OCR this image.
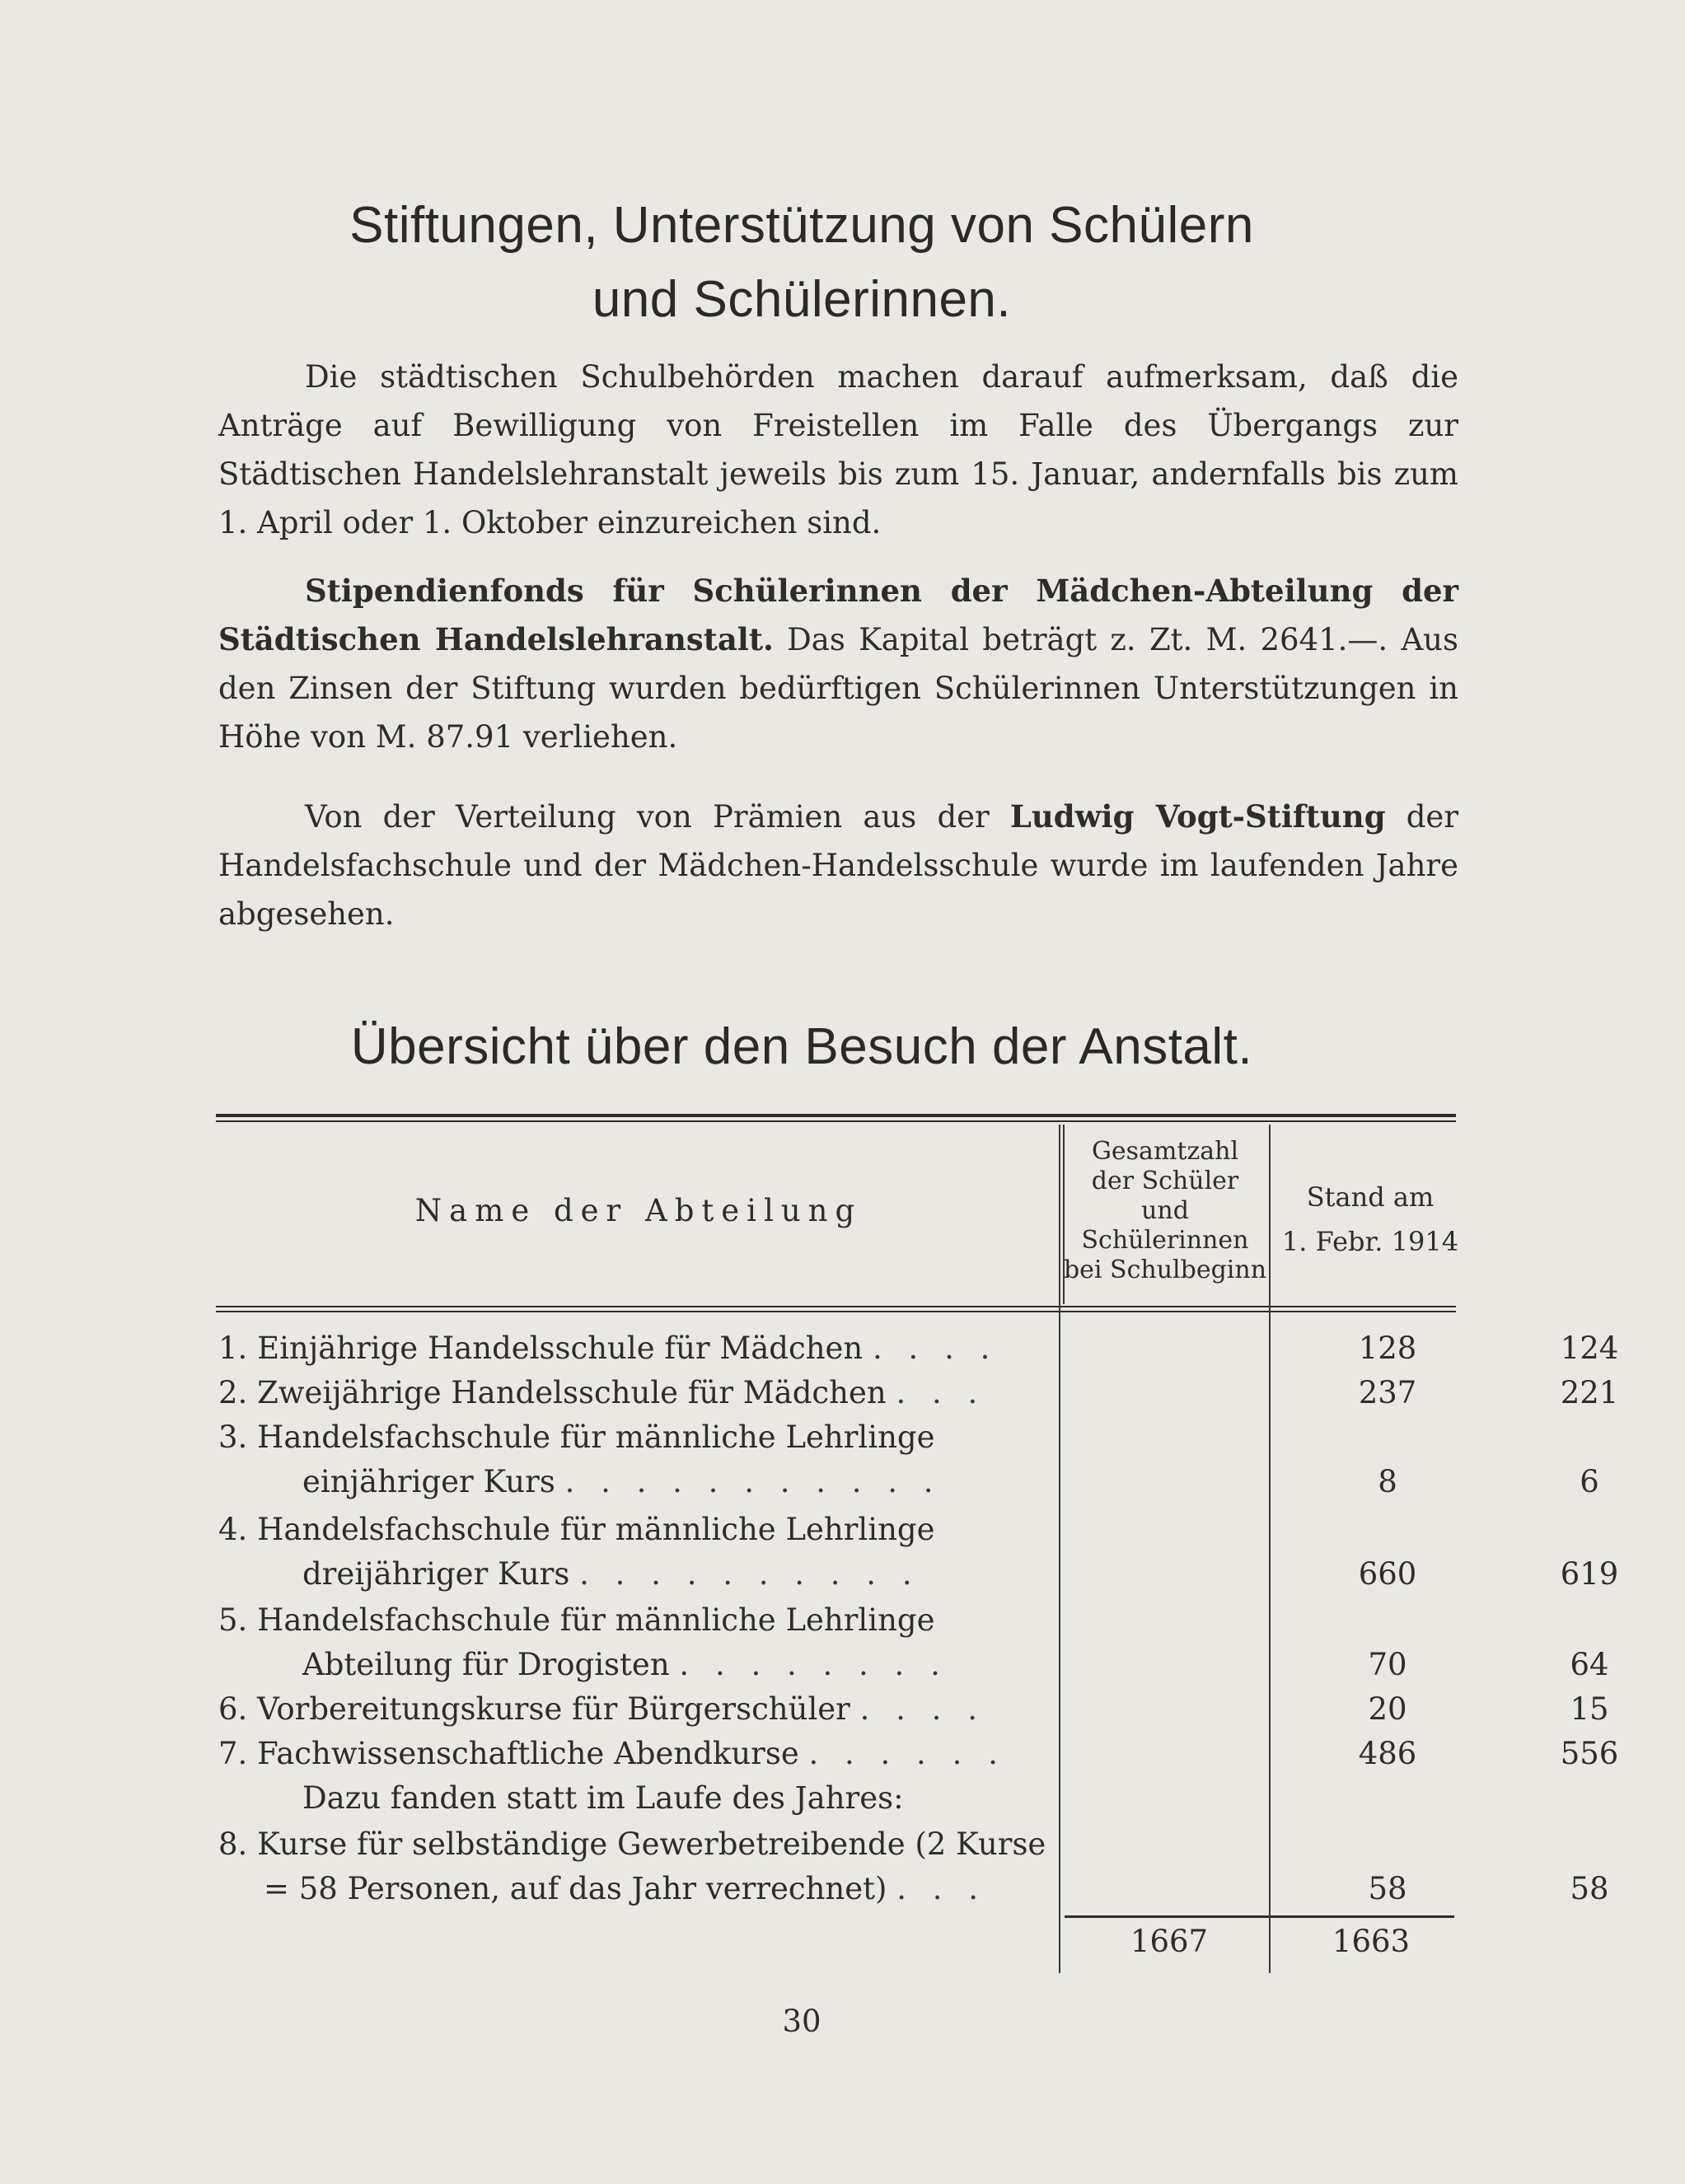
Stiftungen, Unterstützung von Schülern
und Schülerinnen.

Die städtischen Schulbehörden machen darauf aufmerksam, daß die Anträge auf Bewilligung von Freistellen im Falle des Übergangs zur Städtischen Handelslehranstalt jeweils bis zum 15. Januar, andernfalls bis zum 1. April oder 1. Oktober einzureichen sind.

Stipendienfonds für Schülerinnen der Mädchen-Abteilung der Städtischen Handelslehranstalt. Das Kapital beträgt z. Zt. M. 2641.—. Aus den Zinsen der Stiftung wurden bedürftigen Schülerinnen Unterstützungen in Höhe von M. 87.91 verliehen.

Von der Verteilung von Prämien aus der Ludwig Vogt-Stiftung der Handelsfachschule und der Mädchen-Handelsschule wurde im laufenden Jahre abgesehen.

Übersicht über den Besuch der Anstalt.
Name der Abteilung
Gesamtzahl
der Schüler
und
Schülerinnen
bei Schulbeginn
Stand am
1. Febr. 1914
1. Einjährige Handelsschule für Mädchen . . . .	128	124
2. Zweijährige Handelsschule für Mädchen . . .	237	221
3. Handelsfachschule für männliche Lehrlinge
einjähriger Kurs . . . . . . . . . . .	8	6
4. Handelsfachschule für männliche Lehrlinge
dreijähriger Kurs . . . . . . . . . .	660	619
5. Handelsfachschule für männliche Lehrlinge
Abteilung für Drogisten . . . . . . . .	70	64
6. Vorbereitungskurse für Bürgerschüler . . . .	20	15
7. Fachwissenschaftliche Abendkurse . . . . . .	486	556
Dazu fanden statt im Laufe des Jahres:
8. Kurse für selbständige Gewerbetreibende (2 Kurse
= 58 Personen, auf das Jahr verrechnet) . . .	58	58
1667	1663
30
